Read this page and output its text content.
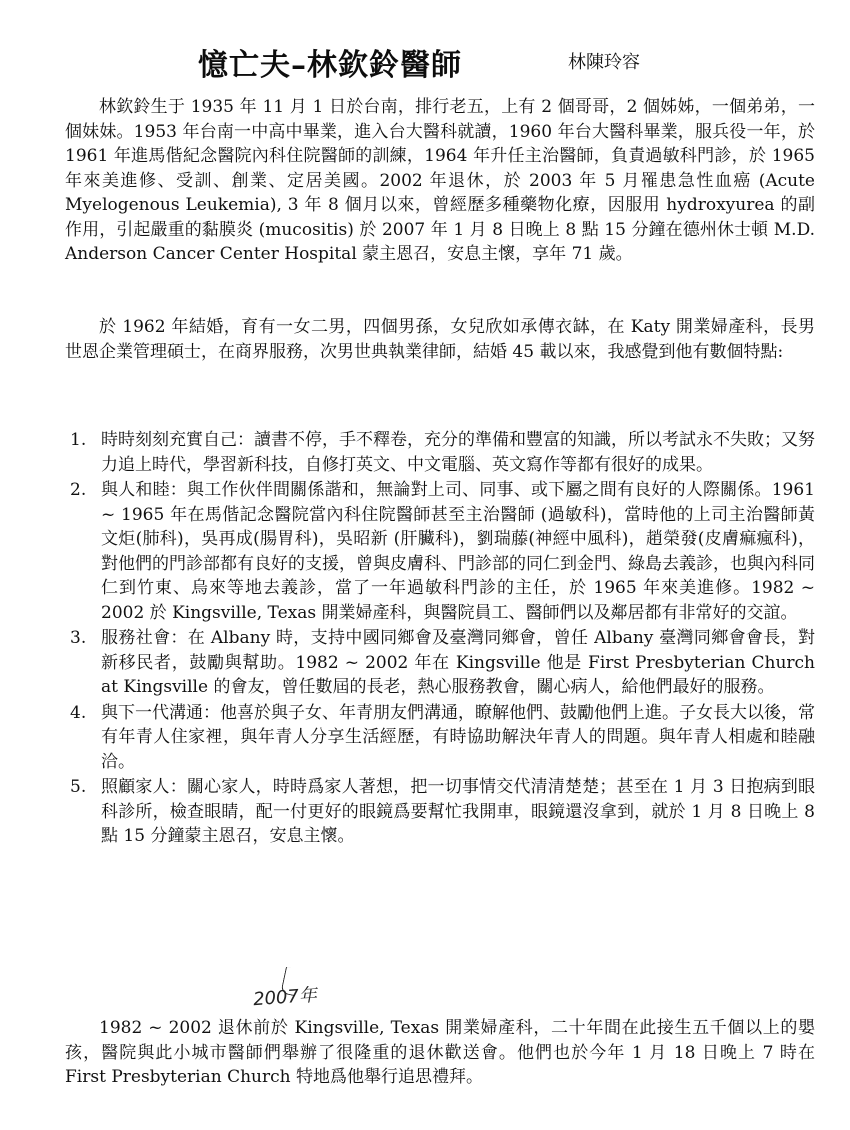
憶亡夫–林欽鈴醫師	林陳玲容

林欽鈴生于 1935 年 11 月 1 日於台南，排行老五，上有 2 個哥哥，2 個姊姊，一個弟弟，一個妹妹。1953 年台南一中高中畢業，進入台大醫科就讀，1960 年台大醫科畢業，服兵役一年，於 1961 年進馬偕紀念醫院內科住院醫師的訓練，1964 年升任主治醫師，負責過敏科門診，於 1965 年來美進修、受訓、創業、定居美國。2002 年退休，於 2003 年 5 月罹患急性血癌 (Acute Myelogenous Leukemia), 3 年 8 個月以來，曾經歷多種藥物化療，因服用 hydroxyurea 的副作用，引起嚴重的黏膜炎 (mucositis) 於 2007 年 1 月 8 日晚上 8 點 15 分鐘在德州休士頓 M.D. Anderson Cancer Center Hospital 蒙主恩召，安息主懷，享年 71 歲。

於 1962 年結婚，育有一女二男，四個男孫，女兒欣如承傳衣缽，在 Katy 開業婦產科，長男世恩企業管理碩士，在商界服務，次男世典執業律師，結婚 45 載以來，我感覺到他有數個特點:

1. 時時刻刻充實自己：讀書不停，手不釋卷，充分的準備和豐富的知識，所以考試永不失敗；又努力追上時代，學習新科技，自修打英文、中文電腦、英文寫作等都有很好的成果。
2. 與人和睦：與工作伙伴間關係諧和，無論對上司、同事、或下屬之間有良好的人際關係。1961 ~ 1965 年在馬偕記念醫院當內科住院醫師甚至主治醫師 (過敏科)，當時他的上司主治醫師黃文炬(肺科)，吳再成(腸胃科)，吳昭新 (肝臟科)，劉瑞藤(神經中風科)，趙榮發(皮膚痲瘋科)，對他們的門診部都有良好的支援，曾與皮膚科、門診部的同仁到金門、綠島去義診，也與內科同仁到竹東、烏來等地去義診，當了一年過敏科門診的主任，於 1965 年來美進修。1982 ~ 2002 於 Kingsville, Texas 開業婦產科，與醫院員工、醫師們以及鄰居都有非常好的交誼。
3. 服務社會：在 Albany 時，支持中國同鄉會及臺灣同鄉會，曾任 Albany 臺灣同鄉會會長，對新移民者，鼓勵與幫助。1982 ~ 2002 年在 Kingsville 他是 First Presbyterian Church at Kingsville 的會友，曾任數屆的長老，熱心服務教會，關心病人，給他們最好的服務。
4. 與下一代溝通：他喜於與子女、年青朋友們溝通，瞭解他們、鼓勵他們上進。子女長大以後，常有年青人住家裡，與年青人分享生活經歷，有時協助解決年青人的問題。與年青人相處和睦融洽。
5. 照顧家人：關心家人，時時爲家人著想，把一切事情交代清清楚楚；甚至在 1 月 3 日抱病到眼科診所，檢查眼睛，配一付更好的眼鏡爲要幫忙我開車，眼鏡還沒拿到，就於 1 月 8 日晚上 8 點 15 分鐘蒙主恩召，安息主懷。
2007年

1982 ~ 2002 退休前於 Kingsville, Texas 開業婦產科，二十年間在此接生五千個以上的嬰孩，醫院與此小城市醫師們舉辦了很隆重的退休歡送會。他們也於今年 1 月 18 日晚上 7 時在 First Presbyterian Church 特地爲他舉行追思禮拜。
